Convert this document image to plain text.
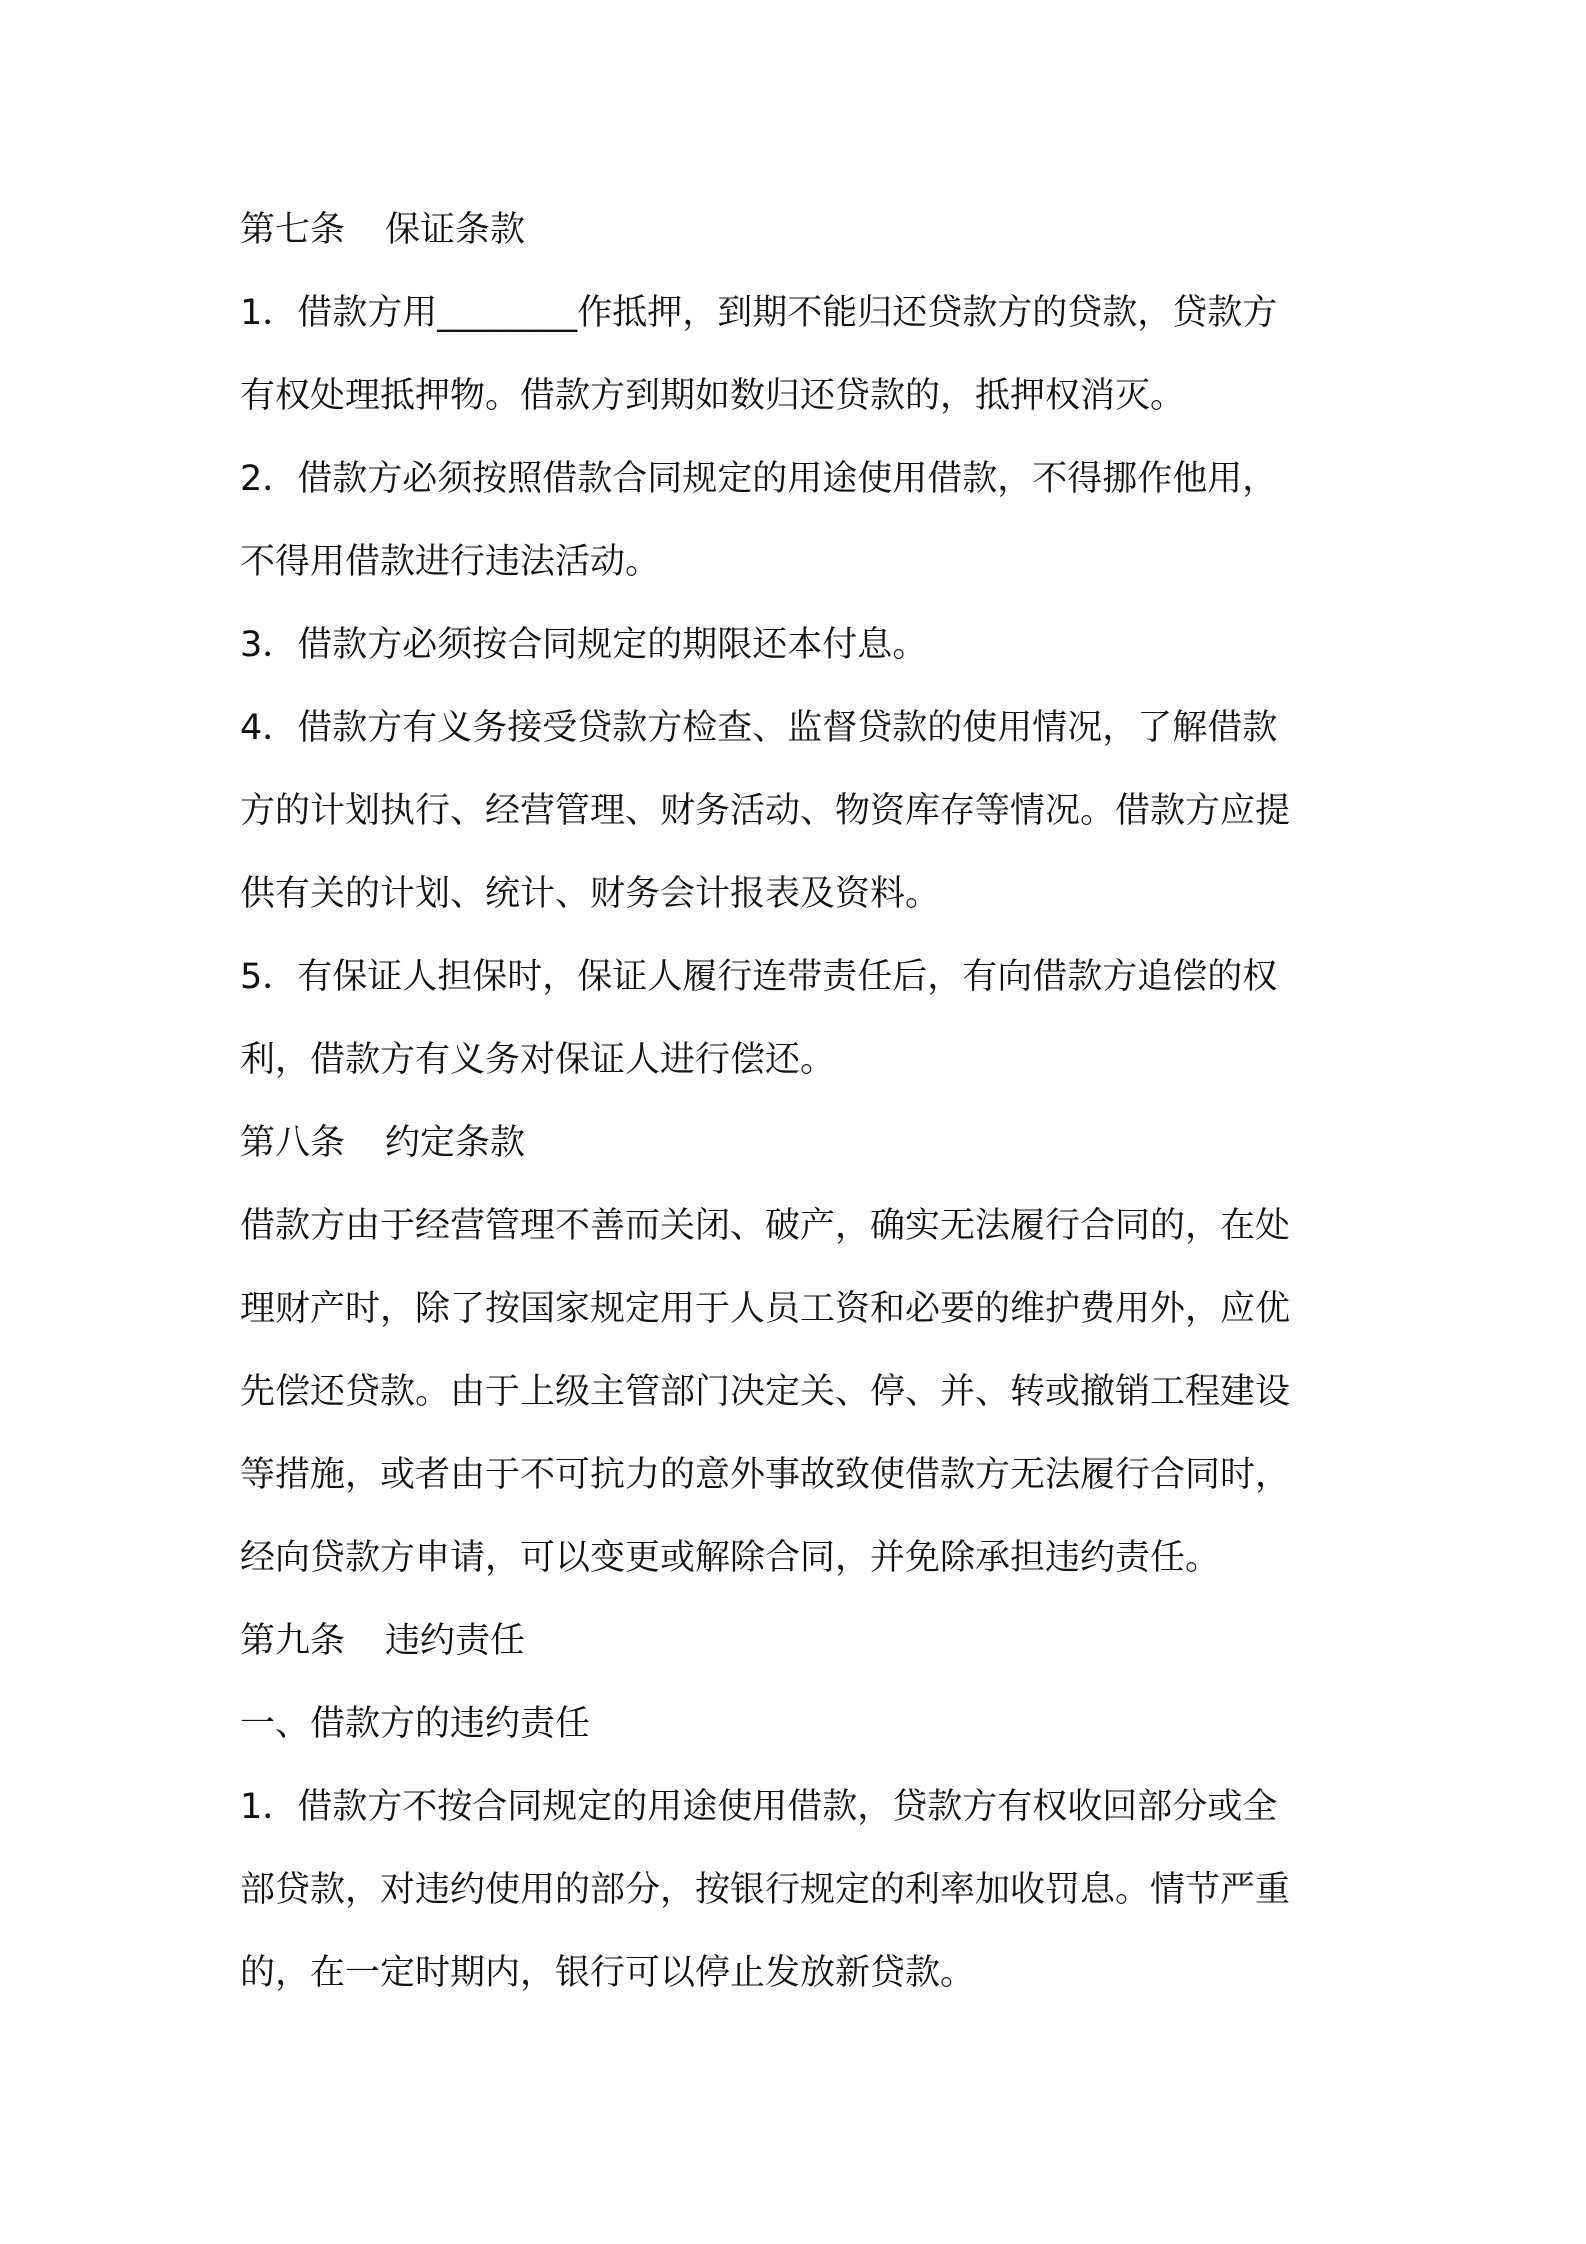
第七条 保证条款
1．借款方用________作抵押，到期不能归还贷款方的贷款，贷款方
有权处理抵押物。借款方到期如数归还贷款的，抵押权消灭。
2．借款方必须按照借款合同规定的用途使用借款，不得挪作他用，
不得用借款进行违法活动。
3．借款方必须按合同规定的期限还本付息。
4．借款方有义务接受贷款方检查、监督贷款的使用情况，了解借款
方的计划执行、经营管理、财务活动、物资库存等情况。借款方应提
供有关的计划、统计、财务会计报表及资料。
5．有保证人担保时，保证人履行连带责任后，有向借款方追偿的权
利，借款方有义务对保证人进行偿还。
第八条 约定条款
借款方由于经营管理不善而关闭、破产，确实无法履行合同的，在处
理财产时，除了按国家规定用于人员工资和必要的维护费用外，应优
先偿还贷款。由于上级主管部门决定关、停、并、转或撤销工程建设
等措施，或者由于不可抗力的意外事故致使借款方无法履行合同时，
经向贷款方申请，可以变更或解除合同，并免除承担违约责任。
第九条 违约责任
一、借款方的违约责任
1．借款方不按合同规定的用途使用借款，贷款方有权收回部分或全
部贷款，对违约使用的部分，按银行规定的利率加收罚息。情节严重
的，在一定时期内，银行可以停止发放新贷款。
